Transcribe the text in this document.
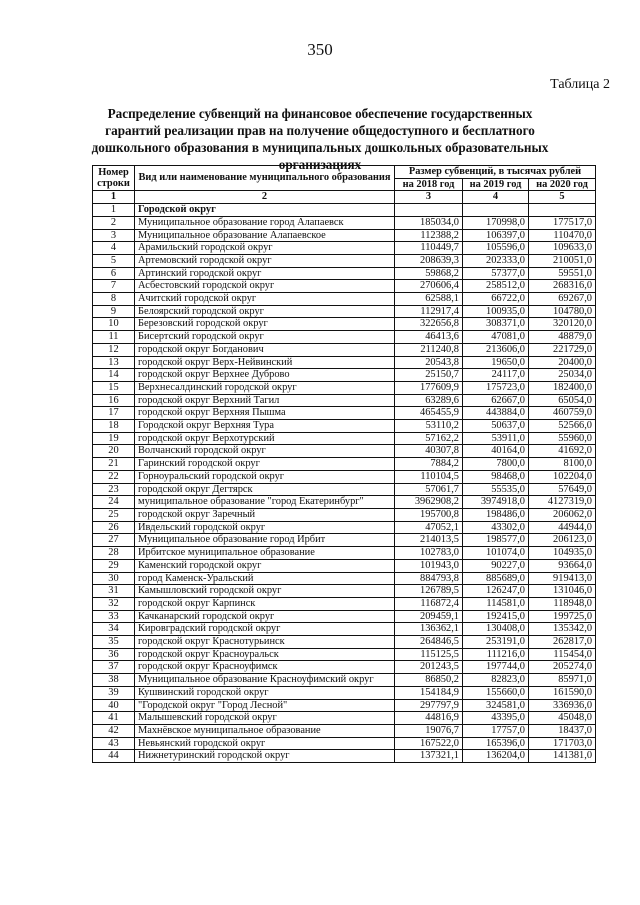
350
Таблица 2
Распределение субвенций на финансовое обеспечение государственных гарантий реализации прав на получение общедоступного и бесплатного дошкольного образования в муниципальных дошкольных образовательных организациях
Номер строки	Вид или наименование муниципального образования	Размер субвенций, в тысячах рублей		
		на 2018 год	на 2019 год	на 2020 год
1	2	3	4	5
1	Городской округ			
2	Муниципальное образование город Алапаевск	185034,0	170998,0	177517,0
3	Муниципальное образование Алапаевское	112388,2	106397,0	110470,0
4	Арамильский городской округ	110449,7	105596,0	109633,0
5	Артемовский городской округ	208639,3	202333,0	210051,0
6	Артинский городской округ	59868,2	57377,0	59551,0
7	Асбестовский городской округ	270606,4	258512,0	268316,0
8	Ачитский городской округ	62588,1	66722,0	69267,0
9	Белоярский городской округ	112917,4	100935,0	104780,0
10	Березовский городской округ	322656,8	308371,0	320120,0
11	Бисертский городской округ	46413,6	47081,0	48879,0
12	городской округ Богданович	211240,8	213606,0	221729,0
13	городской округ Верх-Нейвинский	20543,8	19650,0	20400,0
14	городской округ Верхнее Дуброво	25150,7	24117,0	25034,0
15	Верхнесалдинский городской округ	177609,9	175723,0	182400,0
16	городской округ Верхний Тагил	63289,6	62667,0	65054,0
17	городской округ Верхняя Пышма	465455,9	443884,0	460759,0
18	Городской округ Верхняя Тура	53110,2	50637,0	52566,0
19	городской округ Верхотурский	57162,2	53911,0	55960,0
20	Волчанский городской округ	40307,8	40164,0	41692,0
21	Гаринский городской округ	7884,2	7800,0	8100,0
22	Горноуральский городской округ	110104,5	98468,0	102204,0
23	городской округ Дегтярск	57061,7	55535,0	57649,0
24	муниципальное образование "город Екатеринбург"	3962908,2	3974918,0	4127319,0
25	городской округ Заречный	195700,8	198486,0	206062,0
26	Ивдельский городской округ	47052,1	43302,0	44944,0
27	Муниципальное образование город Ирбит	214013,5	198577,0	206123,0
28	Ирбитское муниципальное образование	102783,0	101074,0	104935,0
29	Каменский городской округ	101943,0	90227,0	93664,0
30	город Каменск-Уральский	884793,8	885689,0	919413,0
31	Камышловский городской округ	126789,5	126247,0	131046,0
32	городской округ Карпинск	116872,4	114581,0	118948,0
33	Качканарский городской округ	209459,1	192415,0	199725,0
34	Кировградский городской округ	136362,1	130408,0	135342,0
35	городской округ Краснотурьинск	264846,5	253191,0	262817,0
36	городской округ Красноуральск	115125,5	111216,0	115454,0
37	городской округ Красноуфимск	201243,5	197744,0	205274,0
38	Муниципальное образование Красноуфимский округ	86850,2	82823,0	85971,0
39	Кушвинский городской округ	154184,9	155660,0	161590,0
40	"Городской округ "Город Лесной"	297797,9	324581,0	336936,0
41	Малышевский городской округ	44816,9	43395,0	45048,0
42	Махнёвское муниципальное образование	19076,7	17757,0	18437,0
43	Невьянский городской округ	167522,0	165396,0	171703,0
44	Нижнетуринский городской округ	137321,1	136204,0	141381,0
